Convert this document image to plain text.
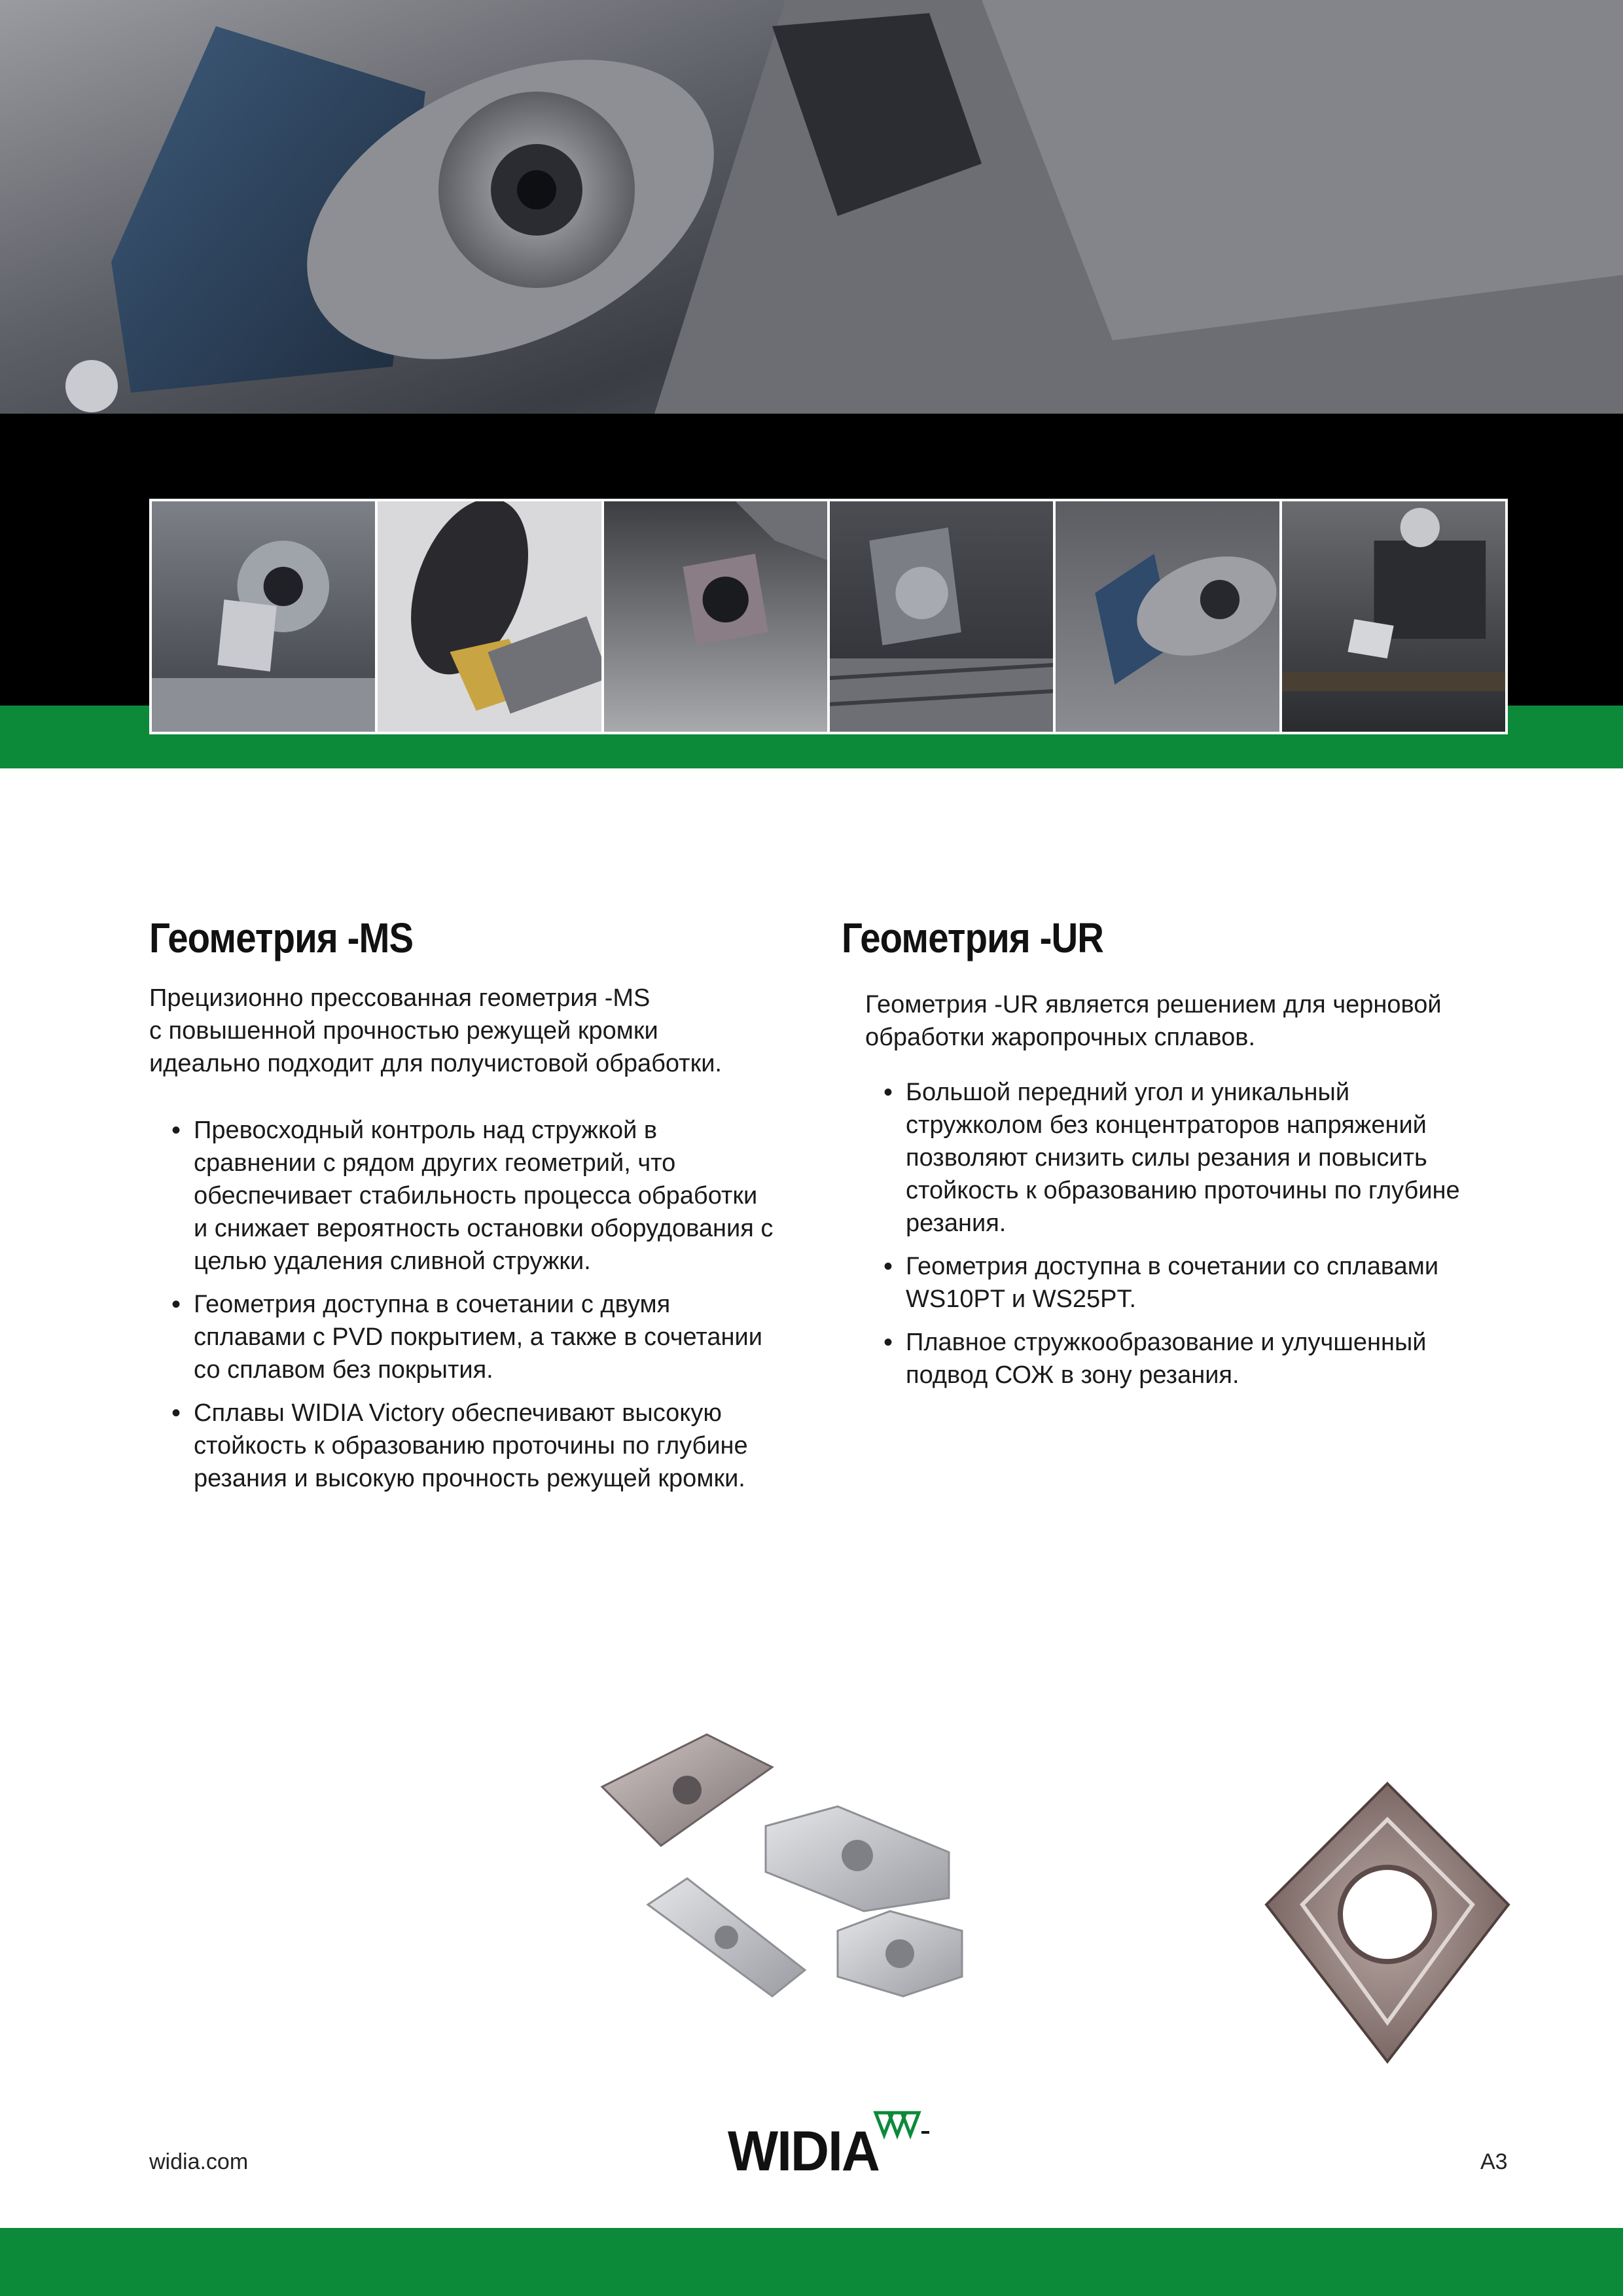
Геометрия -MS

Прецизионно прессованная геометрия -MS
с повышенной прочностью режущей кромки
идеально подходит для получистовой обработки.

• Превосходный контроль над стружкой в
сравнении с рядом других геометрий, что
обеспечивает стабильность процесса обработки
и снижает вероятность остановки оборудования с
целью удаления сливной стружки.
• Геометрия доступна в сочетании с двумя
сплавами с PVD покрытием, а также в сочетании
со сплавом без покрытия.
• Сплавы WIDIA Victory обеспечивают высокую
стойкость к образованию проточины по глубине
резания и высокую прочность режущей кромки.
Геометрия -UR

Геометрия -UR является решением для черновой
обработки жаропрочных сплавов.

• Большой передний угол и уникальный
стружколом без концентраторов напряжений
позволяют снизить силы резания и повысить
стойкость к образованию проточины по глубине
резания.
• Геометрия доступна в сочетании со сплавами
WS10PT и WS25PT.
• Плавное стружкообразование и улучшенный
подвод СОЖ в зону резания.
widia.com	WIDIA	A3
